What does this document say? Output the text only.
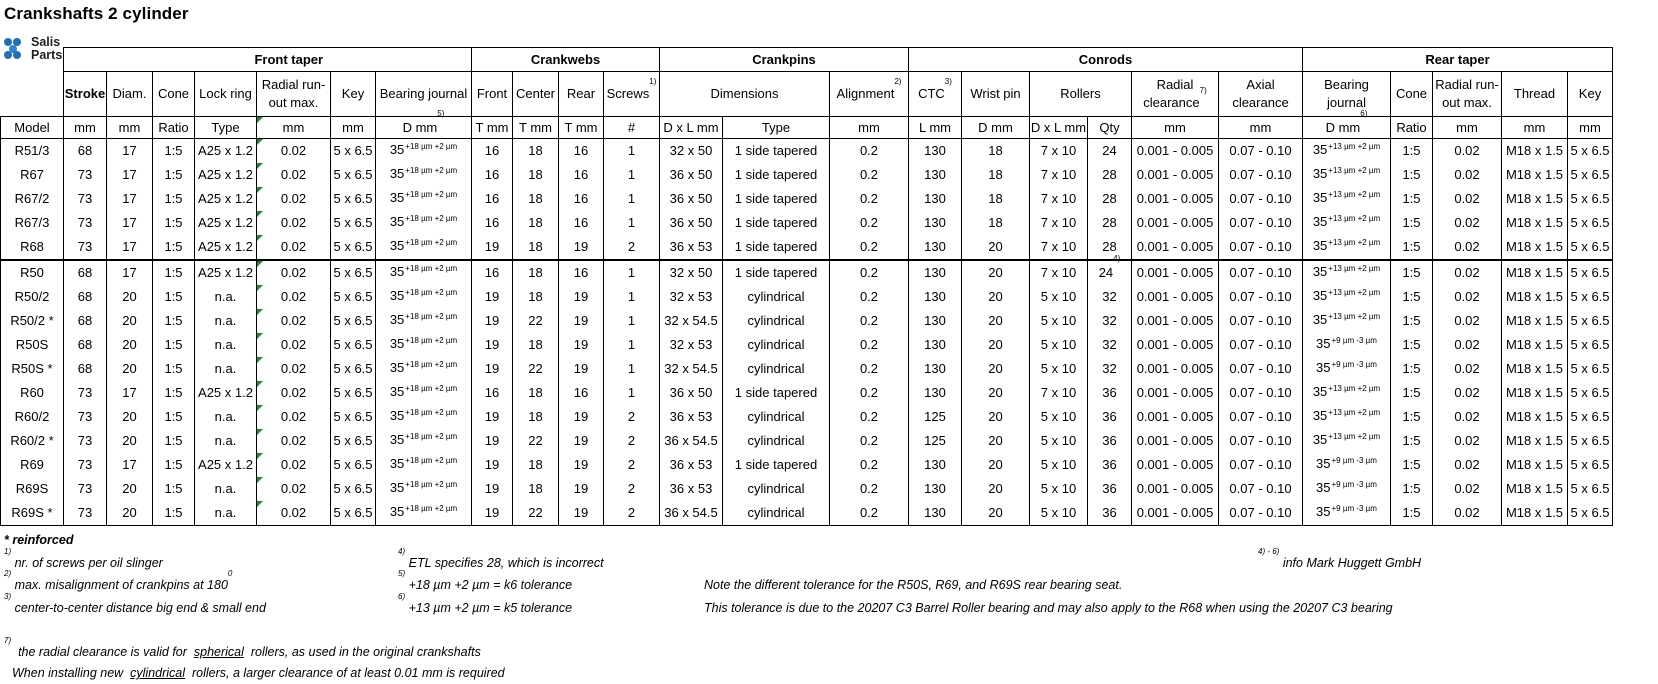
Crankshafts 2 cylinder
Salis
Parts
			Front taper						Crankwebs				Crankpins			Conrods						Rear taper				
	Stroke	Diam.	Cone	Lock ring	Radial run-out max.	Key	Bearing journal	Front	Center	Rear	Screws$^{1)}$	Dimensions		Alignment$^{2)}$	CTC$^{3)}$	Wrist pin	Rollers		Radial clearance$^{7)}$	Axial clearance	Bearing journal	Cone	Radial run-out max.	Thread	Key
Model	mm	mm	Ratio	Type	mm	mm	D $mm^{5)}$	T mm	T mm	T mm	#	D x L mm	Type	mm	L mm	D mm	D x L mm	Qty	mm	mm	D $mm^{6)}$	Ratio	mm	mm	mm
R51/3	68	17	1:5	A25 x 1.2	0.02	5 x 6.5	$35^{+18 \mu m +2 \mu m}$	16	18	16	1	32 x 50	1 side tapered	0.2	130	18	7 x 10	24	0.001 - 0.005	0.07 - 0.10	$35^{+13 \mu m +2 \mu m}$	1:5	0.02	M18 x 1.5	5 x 6.5
R67	73	17	1:5	A25 x 1.2	0.02	5 x 6.5	$35^{+18 \mu m +2 \mu m}$	16	18	16	1	36 x 50	1 side tapered	0.2	130	18	7 x 10	28	0.001 - 0.005	0.07 - 0.10	$35^{+13 \mu m +2 \mu m}$	1:5	0.02	M18 x 1.5	5 x 6.5
R67/2	73	17	1:5	A25 x 1.2	0.02	5 x 6.5	$35^{+18 \mu m +2 \mu m}$	16	18	16	1	36 x 50	1 side tapered	0.2	130	18	7 x 10	28	0.001 - 0.005	0.07 - 0.10	$35^{+13 \mu m +2 \mu m}$	1:5	0.02	M18 x 1.5	5 x 6.5
R67/3	73	17	1:5	A25 x 1.2	0.02	5 x 6.5	$35^{+18 \mu m +2 \mu m}$	16	18	16	1	36 x 50	1 side tapered	0.2	130	18	7 x 10	28	0.001 - 0.005	0.07 - 0.10	$35^{+13 \mu m +2 \mu m}$	1:5	0.02	M18 x 1.5	5 x 6.5
R68	73	17	1:5	A25 x 1.2	0.02	5 x 6.5	$35^{+18 \mu m +2 \mu m}$	19	18	19	2	36 x 53	1 side tapered	0.2	130	20	7 x 10	28	0.001 - 0.005	0.07 - 0.10	$35^{+13 \mu m +2 \mu m}$	1:5	0.02	M18 x 1.5	5 x 6.5
R50	68	17	1:5	A25 x 1.2	0.02	5 x 6.5	$35^{+18 \mu m +2 \mu m}$	16	18	16	1	32 x 50	1 side tapered	0.2	130	20	7 x 10	24$^{4)}$	0.001 - 0.005	0.07 - 0.10	$35^{+13 \mu m +2 \mu m}$	1:5	0.02	M18 x 1.5	5 x 6.5
R50/2	68	20	1:5	n.a.	0.02	5 x 6.5	$35^{+18 \mu m +2 \mu m}$	19	18	19	1	32 x 53	cylindrical	0.2	130	20	5 x 10	32	0.001 - 0.005	0.07 - 0.10	$35^{+13 \mu m +2 \mu m}$	1:5	0.02	M18 x 1.5	5 x 6.5
R50/2 *	68	20	1:5	n.a.	0.02	5 x 6.5	$35^{+18 \mu m +2 \mu m}$	19	22	19	1	32 x 54.5	cylindrical	0.2	130	20	5 x 10	32	0.001 - 0.005	0.07 - 0.10	$35^{+13 \mu m +2 \mu m}$	1:5	0.02	M18 x 1.5	5 x 6.5
R50S	68	20	1:5	n.a.	0.02	5 x 6.5	$35^{+18 \mu m +2 \mu m}$	19	18	19	1	32 x 53	cylindrical	0.2	130	20	5 x 10	32	0.001 - 0.005	0.07 - 0.10	$35^{+9 \mu m -3 \mu m}$	1:5	0.02	M18 x 1.5	5 x 6.5
R50S *	68	20	1:5	n.a.	0.02	5 x 6.5	$35^{+18 \mu m +2 \mu m}$	19	22	19	1	32 x 54.5	cylindrical	0.2	130	20	5 x 10	32	0.001 - 0.005	0.07 - 0.10	$35^{+9 \mu m -3 \mu m}$	1:5	0.02	M18 x 1.5	5 x 6.5
R60	73	17	1:5	A25 x 1.2	0.02	5 x 6.5	$35^{+18 \mu m +2 \mu m}$	16	18	16	1	36 x 50	1 side tapered	0.2	130	20	7 x 10	36	0.001 - 0.005	0.07 - 0.10	$35^{+13 \mu m +2 \mu m}$	1:5	0.02	M18 x 1.5	5 x 6.5
R60/2	73	20	1:5	n.a.	0.02	5 x 6.5	$35^{+18 \mu m +2 \mu m}$	19	18	19	2	36 x 53	cylindrical	0.2	125	20	5 x 10	36	0.001 - 0.005	0.07 - 0.10	$35^{+13 \mu m +2 \mu m}$	1:5	0.02	M18 x 1.5	5 x 6.5
R60/2 *	73	20	1:5	n.a.	0.02	5 x 6.5	$35^{+18 \mu m +2 \mu m}$	19	22	19	2	36 x 54.5	cylindrical	0.2	125	20	5 x 10	36	0.001 - 0.005	0.07 - 0.10	$35^{+13 \mu m +2 \mu m}$	1:5	0.02	M18 x 1.5	5 x 6.5
R69	73	17	1:5	A25 x 1.2	0.02	5 x 6.5	$35^{+18 \mu m +2 \mu m}$	19	18	19	2	36 x 53	1 side tapered	0.2	130	20	5 x 10	36	0.001 - 0.005	0.07 - 0.10	$35^{+9 \mu m -3 \mu m}$	1:5	0.02	M18 x 1.5	5 x 6.5
R69S	73	20	1:5	n.a.	0.02	5 x 6.5	$35^{+18 \mu m +2 \mu m}$	19	18	19	2	36 x 53	cylindrical	0.2	130	20	5 x 10	36	0.001 - 0.005	0.07 - 0.10	$35^{+9 \mu m -3 \mu m}$	1:5	0.02	M18 x 1.5	5 x 6.5
R69S *	73	20	1:5	n.a.	0.02	5 x 6.5	$35^{+18 \mu m +2 \mu m}$	19	22	19	2	36 x 54.5	cylindrical	0.2	130	20	5 x 10	36	0.001 - 0.005	0.07 - 0.10	$35^{+9 \mu m -3 \mu m}$	1:5	0.02	M18 x 1.5	5 x 6.5
* reinforced
$^{1)}$ nr. of screws per oil slinger
$^{2)}$ max. misalignment of crankpins at $180^0$
$^{3)}$ center-to-center distance big end & small end
$^{4)}$ ETL specifies 28, which is incorrect
$^{5)}$ +18 µm +2 µm = k6 tolerance
$^{6)}$ +13 µm +2 µm = k5 tolerance
$^{4) - 6)}$ info Mark Huggett GmbH
Note the different tolerance for the R50S, R69, and R69S rear bearing seat.
This tolerance is due to the 20207 C3 Barrel Roller bearing and may also apply to the R68 when using the 20207 C3 bearing
$^{7)}$  the radial clearance is valid for spherical rollers, as used in the original crankshafts
When installing new cylindrical rollers, a larger clearance of at least 0.01 mm is required
